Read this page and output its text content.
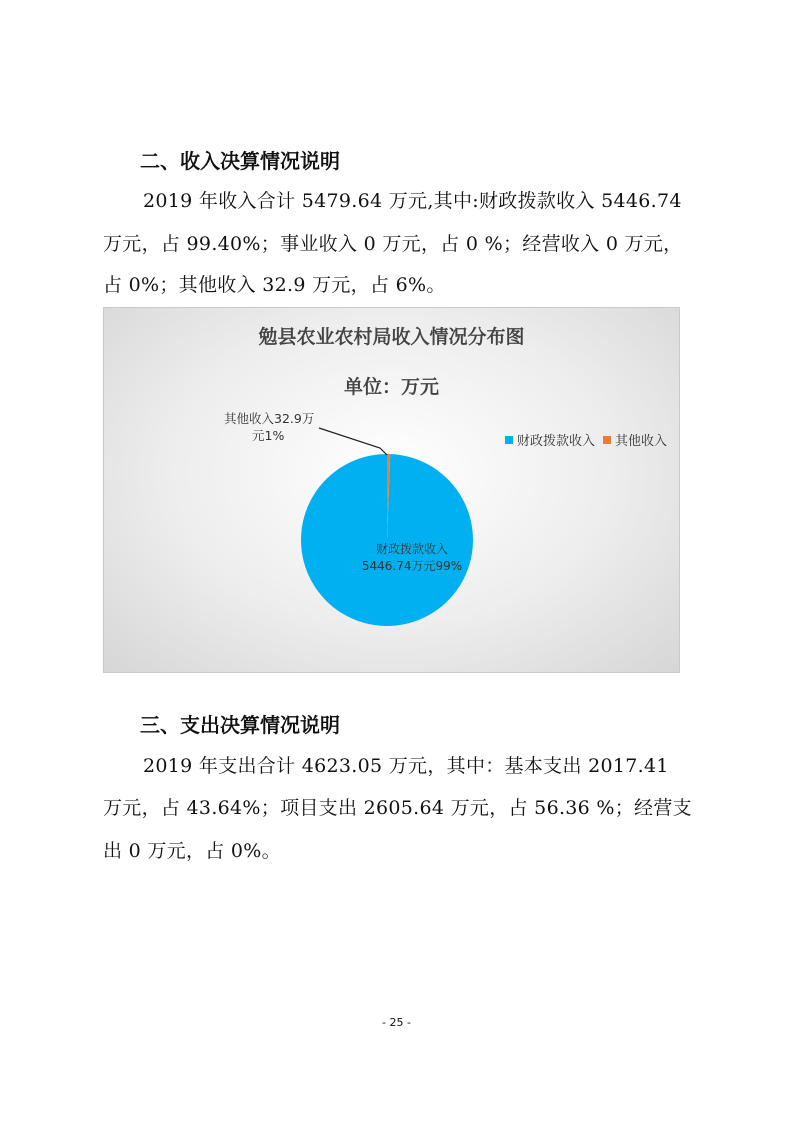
二、收入决算情况说明
2019 年收入合计 5479.64 万元,其中:财政拨款收入 5446.74
万元，占 99.40%；事业收入 0 万元，占 0 %；经营收入 0 万元，
占 0%；其他收入 32.9 万元，占 6%。
勉县农业农村局收入情况分布图
单位：万元
其他收入32.9万
元1%
财政拨款收入
5446.74万元99%
财政拨款收入 其他收入
三、支出决算情况说明
2019 年支出合计 4623.05 万元，其中：基本支出 2017.41
万元，占 43.64%；项目支出 2605.64 万元，占 56.36 %；经营支
出 0 万元，占 0%。
- 25 -
